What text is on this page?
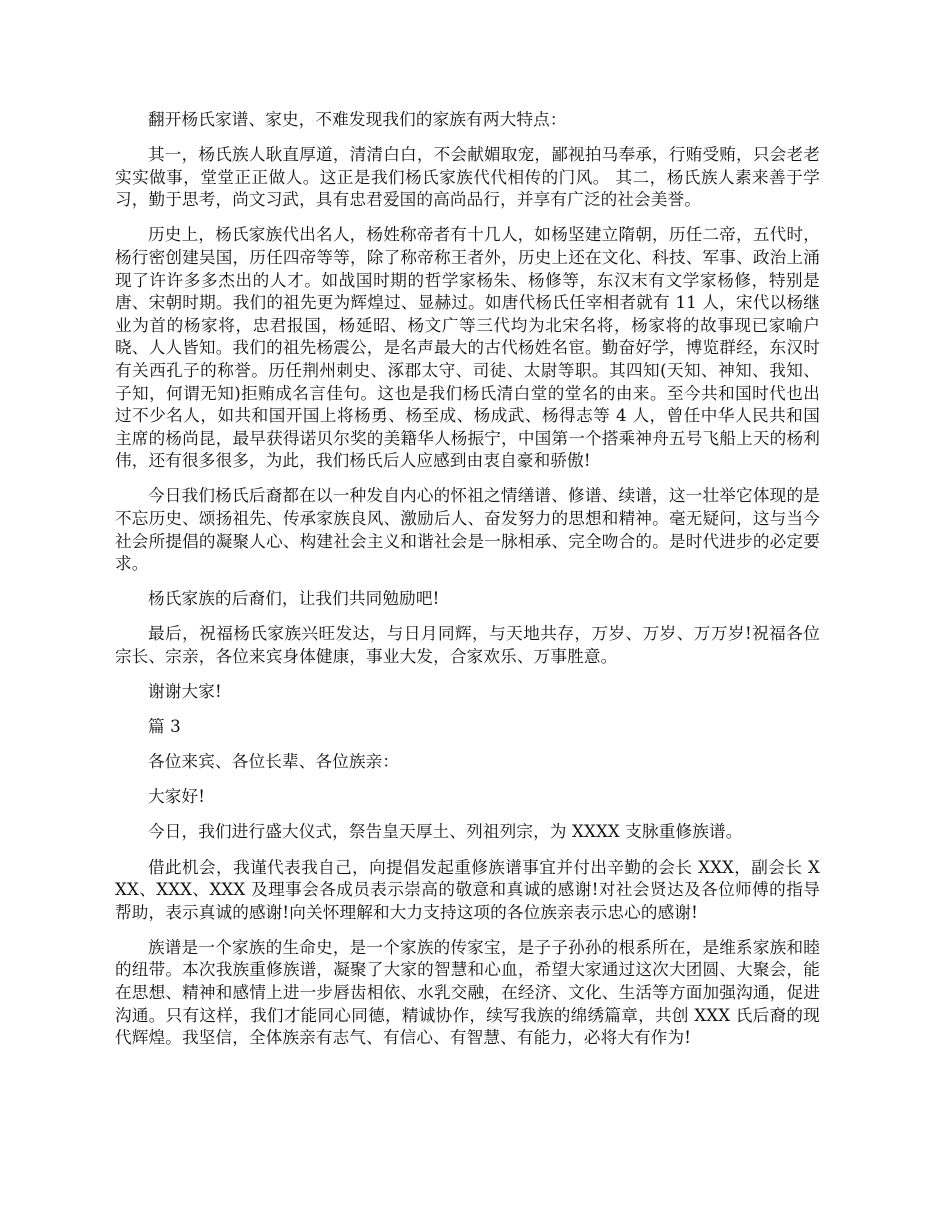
翻开杨氏家谱、家史，不难发现我们的家族有两大特点：

其一，杨氏族人耿直厚道，清清白白，不会献媚取宠，鄙视拍马奉承，行贿受贿，只会老老实实做事，堂堂正正做人。这正是我们杨氏家族代代相传的门风。 其二，杨氏族人素来善于学习，勤于思考，尚文习武，具有忠君爱国的高尚品行，并享有广泛的社会美誉。

历史上，杨氏家族代出名人，杨姓称帝者有十几人，如杨坚建立隋朝，历任二帝，五代时，杨行密创建吴国，历任四帝等等，除了称帝称王者外，历史上还在文化、科技、军事、政治上涌现了许许多多杰出的人才。如战国时期的哲学家杨朱、杨修等，东汉末有文学家杨修，特别是唐、宋朝时期。我们的祖先更为辉煌过、显赫过。如唐代杨氏任宰相者就有 11 人，宋代以杨继业为首的杨家将，忠君报国，杨延昭、杨文广等三代均为北宋名将，杨家将的故事现已家喻户晓、人人皆知。我们的祖先杨震公，是名声最大的古代杨姓名宦。勤奋好学，博览群经，东汉时有关西孔子的称誉。历任荆州刺史、涿郡太守、司徒、太尉等职。其四知(天知、神知、我知、子知，何谓无知)拒贿成名言佳句。这也是我们杨氏清白堂的堂名的由来。至今共和国时代也出过不少名人，如共和国开国上将杨勇、杨至成、杨成武、杨得志等 4 人，曾任中华人民共和国主席的杨尚昆，最早获得诺贝尔奖的美籍华人杨振宁，中国第一个搭乘神舟五号飞船上天的杨利伟，还有很多很多，为此，我们杨氏后人应感到由衷自豪和骄傲!

今日我们杨氏后裔都在以一种发自内心的怀祖之情缮谱、修谱、续谱，这一壮举它体现的是不忘历史、颂扬祖先、传承家族良风、激励后人、奋发努力的思想和精神。毫无疑问，这与当今社会所提倡的凝聚人心、构建社会主义和谐社会是一脉相承、完全吻合的。是时代进步的必定要求。

杨氏家族的后裔们，让我们共同勉励吧!

最后，祝福杨氏家族兴旺发达，与日月同辉，与天地共存，万岁、万岁、万万岁!祝福各位宗长、宗亲，各位来宾身体健康，事业大发，合家欢乐、万事胜意。

谢谢大家!

篇 3

各位来宾、各位长辈、各位族亲：

大家好!

今日，我们进行盛大仪式，祭告皇天厚土、列祖列宗，为 XXXX 支脉重修族谱。

借此机会，我谨代表我自己，向提倡发起重修族谱事宜并付出辛勤的会长 XXX，副会长 XXX、XXX、XXX 及理事会各成员表示崇高的敬意和真诚的感谢!对社会贤达及各位师傅的指导帮助，表示真诚的感谢!向关怀理解和大力支持这项的各位族亲表示忠心的感谢!

族谱是一个家族的生命史，是一个家族的传家宝，是子子孙孙的根系所在，是维系家族和睦的纽带。本次我族重修族谱，凝聚了大家的智慧和心血，希望大家通过这次大团圆、大聚会，能在思想、精神和感情上进一步唇齿相依、水乳交融，在经济、文化、生活等方面加强沟通，促进沟通。只有这样，我们才能同心同德，精诚协作，续写我族的绵绣篇章，共创 XXX 氏后裔的现代辉煌。我坚信，全体族亲有志气、有信心、有智慧、有能力，必将大有作为!
